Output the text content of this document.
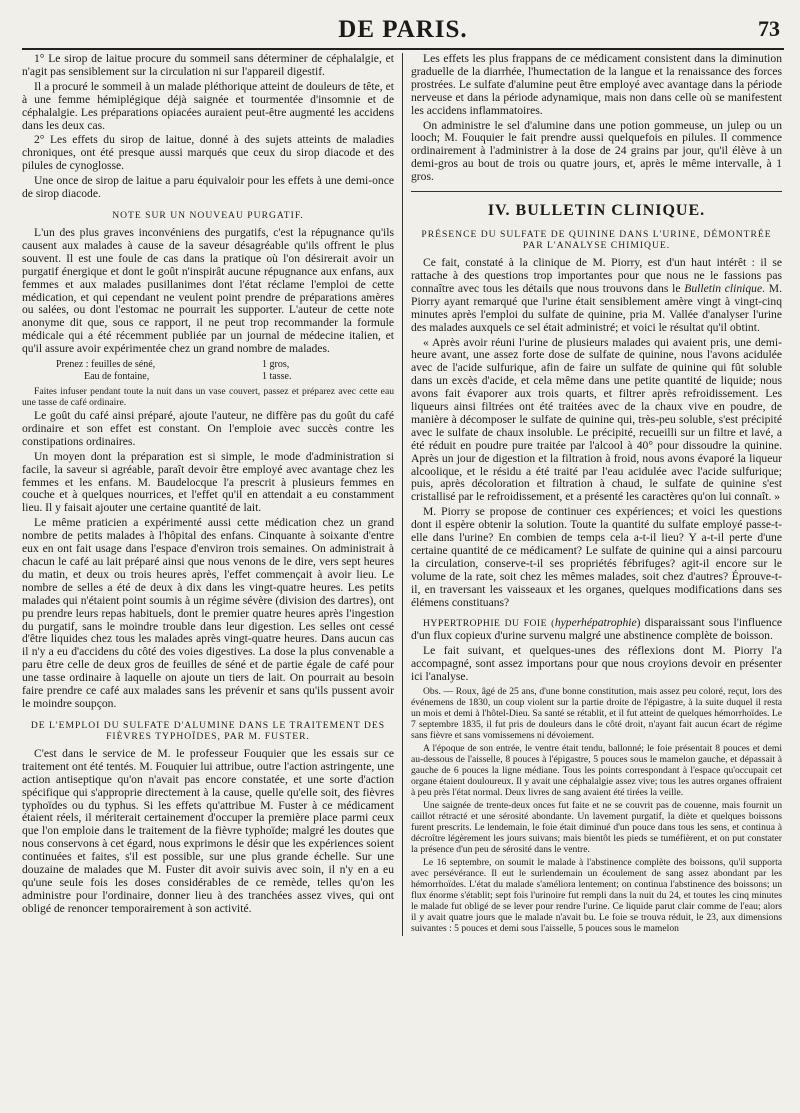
DE PARIS.	73

1° Le sirop de laitue procure du sommeil sans déterminer de céphalalgie, et n'agit pas sensiblement sur la circulation ni sur l'appareil digestif.

Il a procuré le sommeil à un malade pléthorique atteint de douleurs de tête, et à une femme hémiplégique déjà saignée et tourmentée d'insomnie et de céphalalgie. Les préparations opiacées auraient peut-être augmenté les accidens dans les deux cas.

2° Les effets du sirop de laitue, donné à des sujets atteints de maladies chroniques, ont été presque aussi marqués que ceux du sirop diacode et des pilules de cynoglosse.

Une once de sirop de laitue a paru équivaloir pour les effets à une demi-once de sirop diacode.

NOTE SUR UN NOUVEAU PURGATIF.

L'un des plus graves inconvéniens des purgatifs, c'est la répugnance qu'ils causent aux malades à cause de la saveur désagréable qu'ils offrent le plus souvent. Il est une foule de cas dans la pratique où l'on désirerait avoir un purgatif énergique et dont le goût n'inspirât aucune répugnance aux enfans, aux femmes et aux malades pusillanimes dont l'état réclame l'emploi de cette médication, et qui cependant ne veulent point prendre de préparations amères ou salées, ou dont l'estomac ne pourrait les supporter. L'auteur de cette note anonyme dit que, sous ce rapport, il ne peut trop recommander la formule médicale qui a été récemment publiée par un journal de médecine italien, et qu'il assure avoir expérimentée chez un grand nombre de malades.

Prenez : feuilles de séné,	1 gros,
Eau de fontaine,	1 tasse.

Faites infuser pendant toute la nuit dans un vase couvert, passez et préparez avec cette eau une tasse de café ordinaire.

Le goût du café ainsi préparé, ajoute l'auteur, ne diffère pas du goût du café ordinaire et son effet est constant. On l'emploie avec succès contre les constipations ordinaires.

Un moyen dont la préparation est si simple, le mode d'administration si facile, la saveur si agréable, paraît devoir être employé avec avantage chez les femmes et les enfans. M. Baudelocque l'a prescrit à plusieurs femmes en couche et à quelques nourrices, et l'effet qu'il en attendait a eu constamment lieu. Il y faisait ajouter une certaine quantité de lait.

Le même praticien a expérimenté aussi cette médication chez un grand nombre de petits malades à l'hôpital des enfans. Cinquante à soixante d'entre eux en ont fait usage dans l'espace d'environ trois semaines. On administrait à chacun le café au lait préparé ainsi que nous venons de le dire, vers sept heures du matin, et deux ou trois heures après, l'effet commençait à avoir lieu. Le nombre de selles a été de deux à dix dans les vingt-quatre heures. Les petits malades qui n'étaient point soumis à un régime sévère (division des dartres), ont pu prendre leurs repas habituels, dont le premier quatre heures après l'ingestion du purgatif, sans le moindre trouble dans leur digestion. Les selles ont cessé d'être liquides chez tous les malades après vingt-quatre heures. Dans aucun cas il n'y a eu d'accidens du côté des voies digestives. La dose la plus convenable a paru être celle de deux gros de feuilles de séné et de partie égale de café pour une tasse ordinaire à laquelle on ajoute un tiers de lait. On pourrait au besoin faire prendre ce café aux malades sans les prévenir et sans qu'ils pussent avoir le moindre soupçon.

DE L'EMPLOI DU SULFATE D'ALUMINE DANS LE TRAITEMENT DES FIÈVRES TYPHOÏDES, PAR M. FUSTER.

C'est dans le service de M. le professeur Fouquier que les essais sur ce traitement ont été tentés. M. Fouquier lui attribue, outre l'action astringente, une action antiseptique qu'on n'avait pas encore constatée, et une sorte d'action spécifique qui s'approprie directement à la cause, quelle qu'elle soit, des fièvres typhoïdes ou du typhus. Si les effets qu'attribue M. Fuster à ce médicament étaient réels, il mériterait certainement d'occuper la première place parmi ceux que l'on emploie dans le traitement de la fièvre typhoïde; malgré les doutes que nous conservons à cet égard, nous exprimons le désir que les expériences soient continuées et faites, s'il est possible, sur une plus grande échelle. Sur une douzaine de malades que M. Fuster dit avoir suivis avec soin, il n'y en a eu qu'une seule fois les doses considérables de ce remède, telles qu'on les administre pour l'ordinaire, donner lieu à des tranchées assez vives, qui ont obligé de renoncer temporairement à son activité.

Les effets les plus frappans de ce médicament consistent dans la diminution graduelle de la diarrhée, l'humectation de la langue et la renaissance des forces prostrées. Le sulfate d'alumine peut être employé avec avantage dans la période nerveuse et dans la période adynamique, mais non dans celle où se manifestent les accidens inflammatoires.

On administre le sel d'alumine dans une potion gommeuse, un julep ou un looch; M. Fouquier le fait prendre aussi quelquefois en pilules. Il commence ordinairement à l'administrer à la dose de 24 grains par jour, qu'il élève à un demi-gros au bout de trois ou quatre jours, et, après le même intervalle, à 1 gros.

IV. BULLETIN CLINIQUE.
PRÉSENCE DU SULFATE DE QUININE DANS L'URINE, DÉMONTRÉE PAR L'ANALYSE CHIMIQUE.

Ce fait, constaté à la clinique de M. Piorry, est d'un haut intérêt : il se rattache à des questions trop importantes pour que nous ne le fassions pas connaître avec tous les détails que nous trouvons dans le Bulletin clinique. M. Piorry ayant remarqué que l'urine était sensiblement amère vingt à vingt-cinq minutes après l'emploi du sulfate de quinine, pria M. Vallée d'analyser l'urine des malades auxquels ce sel était administré; et voici le résultat qu'il obtint.

« Après avoir réuni l'urine de plusieurs malades qui avaient pris, une demi-heure avant, une assez forte dose de sulfate de quinine, nous l'avons acidulée avec de l'acide sulfurique, afin de faire un sulfate de quinine qui fût soluble dans un excès d'acide, et cela même dans une petite quantité de liquide; nous avons fait évaporer aux trois quarts, et filtrer après refroidissement. Les liqueurs ainsi filtrées ont été traitées avec de la chaux vive en poudre, de manière à décomposer le sulfate de quinine qui, très-peu soluble, s'est précipité avec le sulfate de chaux insoluble. Le précipité, recueilli sur un filtre et lavé, a été réduit en poudre pure traitée par l'alcool à 40° pour dissoudre la quinine. Après un jour de digestion et la filtration à froid, nous avons évaporé la liqueur alcoolique, et le résidu a été traité par l'eau acidulée avec l'acide sulfurique; puis, après décoloration et filtration à chaud, le sulfate de quinine s'est cristallisé par le refroidissement, et a présenté les caractères qu'on lui connaît. »

M. Piorry se propose de continuer ces expériences; et voici les questions dont il espère obtenir la solution. Toute la quantité du sulfate employé passe-t-elle dans l'urine? En combien de temps cela a-t-il lieu? Y a-t-il perte d'une certaine quantité de ce médicament? Le sulfate de quinine qui a ainsi parcouru la circulation, conserve-t-il ses propriétés fébrifuges? agit-il encore sur le volume de la rate, soit chez les mêmes malades, soit chez d'autres? Éprouve-t-il, en traversant les vaisseaux et les organes, quelques modifications dans ses élémens constituans?

HYPERTROPHIE DU FOIE (hyperhépatrophie) disparaissant sous l'influence d'un flux copieux d'urine survenu malgré une abstinence complète de boisson.

Le fait suivant, et quelques-unes des réflexions dont M. Piorry l'a accompagné, sont assez importans pour que nous croyions devoir en présenter ici l'analyse.

Obs. — Roux, âgé de 25 ans, d'une bonne constitution, mais assez peu coloré, reçut, lors des événemens de 1830, un coup violent sur la partie droite de l'épigastre, à la suite duquel il resta un mois et demi à l'hôtel-Dieu. Sa santé se rétablit, et il fut atteint de quelques hémorrhoïdes. Le 7 septembre 1835, il fut pris de douleurs dans le côté droit, n'ayant fait aucun écart de régime sans fièvre et sans vomissemens ni dévoiement.

A l'époque de son entrée, le ventre était tendu, ballonné; le foie présentait 8 pouces et demi au-dessous de l'aisselle, 8 pouces à l'épigastre, 5 pouces sous le mamelon gauche, et dépassait à gauche de 6 pouces la ligne médiane. Tous les points correspondant à l'espace qu'occupait cet organe étaient douloureux. Il y avait une céphalalgie assez vive; tous les autres organes offraient à peu près l'état normal. Deux livres de sang avaient été tirées la veille.

Une saignée de trente-deux onces fut faite et ne se couvrit pas de couenne, mais fournit un caillot rétracté et une sérosité abondante. Un lavement purgatif, la diète et quelques boissons furent prescrits. Le lendemain, le foie était diminué d'un pouce dans tous les sens, et continua à décroître légèrement les jours suivans; mais bientôt les pieds se tuméfièrent, et on put constater la présence d'un peu de sérosité dans le ventre.

Le 16 septembre, on soumit le malade à l'abstinence complète des boissons, qu'il supporta avec persévérance. Il eut le surlendemain un écoulement de sang assez abondant par les hémorrhoïdes. L'état du malade s'améliora lentement; on continua l'abstinence des boissons; un flux énorme s'établit; sept fois l'urinoire fut rempli dans la nuit du 24, et toutes les cinq minutes le malade fut obligé de se lever pour rendre l'urine. Ce liquide parut clair comme de l'eau; alors il y avait quatre jours que le malade n'avait bu. Le foie se trouva réduit, le 23, aux dimensions suivantes : 5 pouces et demi sous l'aisselle, 5 pouces sous le mamelon
